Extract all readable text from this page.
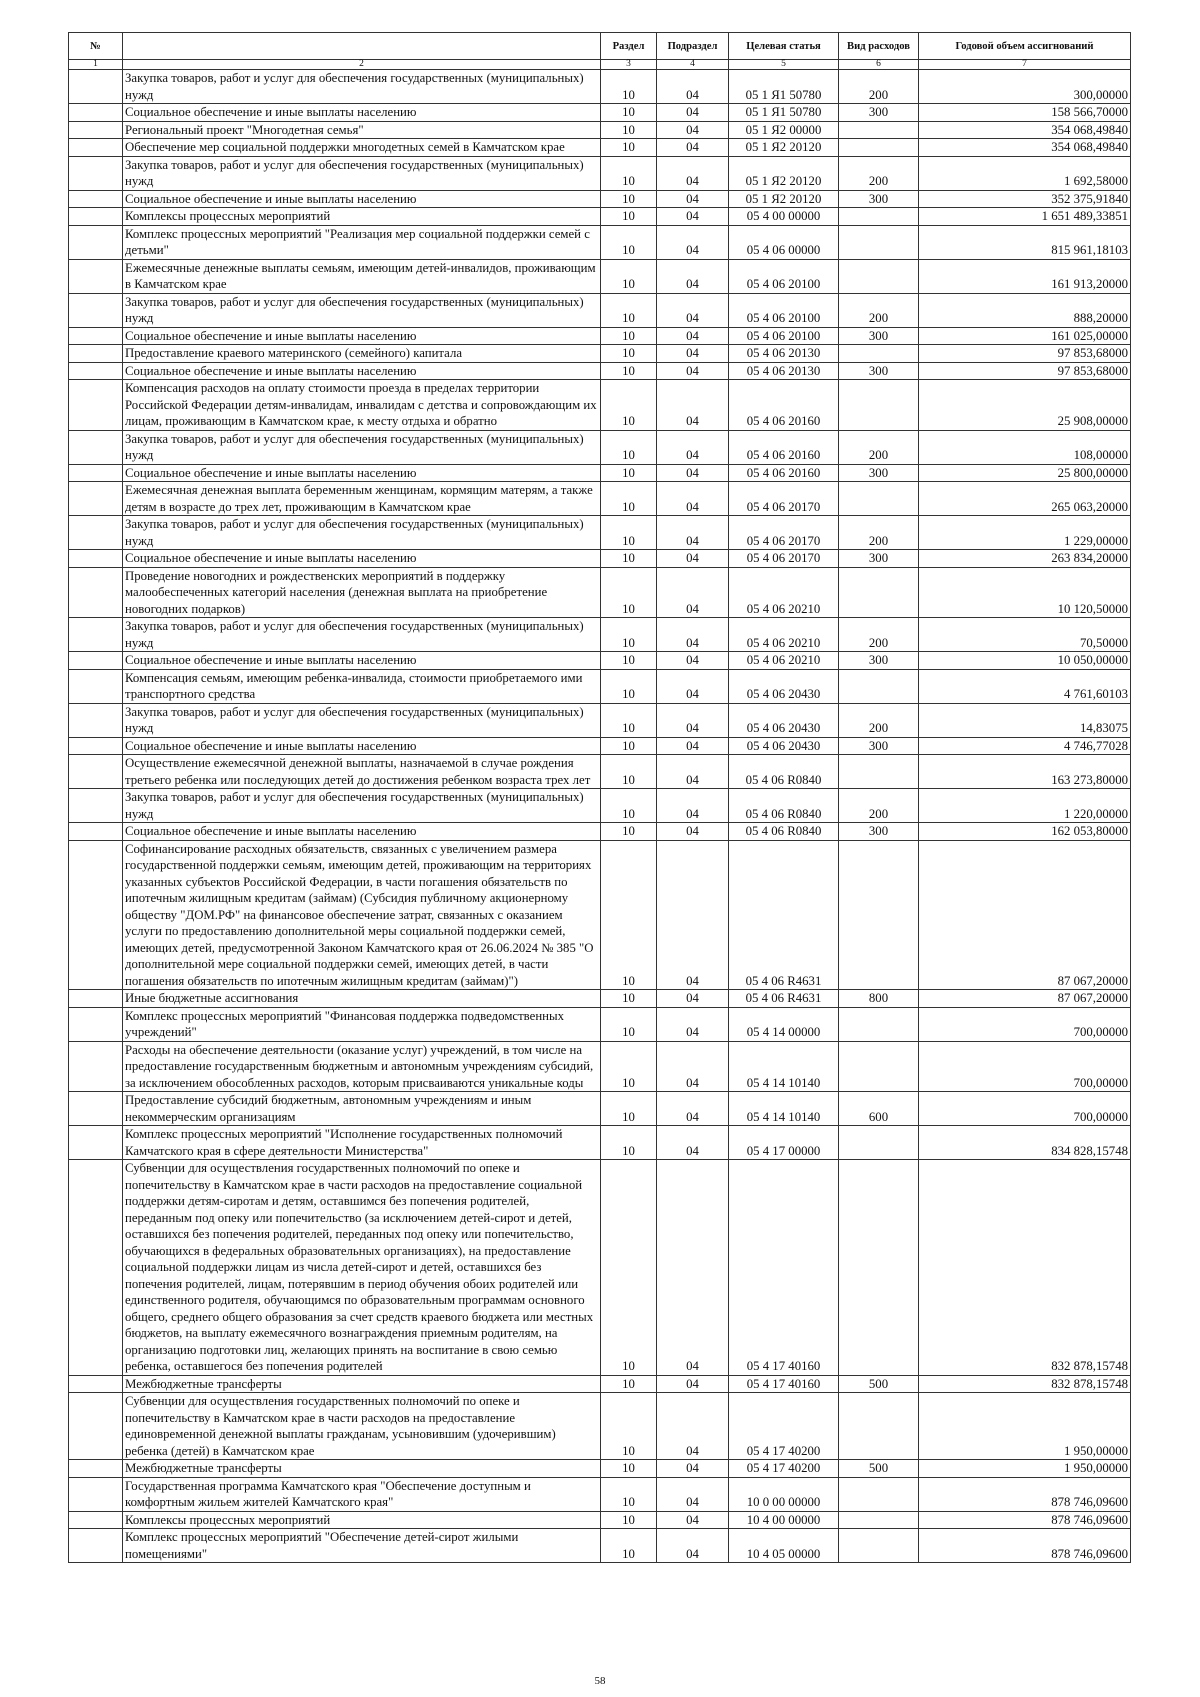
№		Раздел	Подраздел	Целевая статья	Вид расходов	Годовой объем ассигнований
1	2	3	4	5	6	7
	Закупка товаров, работ и услуг для обеспечения государственных (муниципальных) нужд	10	04	05 1 Я1 50780	200	300,00000
	Социальное обеспечение и иные выплаты населению	10	04	05 1 Я1 50780	300	158 566,70000
	Региональный проект "Многодетная семья"	10	04	05 1 Я2 00000		354 068,49840
	Обеспечение мер социальной поддержки многодетных семей в Камчатском крае	10	04	05 1 Я2 20120		354 068,49840
	Закупка товаров, работ и услуг для обеспечения государственных (муниципальных) нужд	10	04	05 1 Я2 20120	200	1 692,58000
	Социальное обеспечение и иные выплаты населению	10	04	05 1 Я2 20120	300	352 375,91840
	Комплексы процессных мероприятий	10	04	05 4 00 00000		1 651 489,33851
	Комплекс процессных мероприятий "Реализация мер социальной поддержки семей с детьми"	10	04	05 4 06 00000		815 961,18103
	Ежемесячные денежные выплаты семьям, имеющим детей-инвалидов, проживающим в Камчатском крае	10	04	05 4 06 20100		161 913,20000
	Закупка товаров, работ и услуг для обеспечения государственных (муниципальных) нужд	10	04	05 4 06 20100	200	888,20000
	Социальное обеспечение и иные выплаты населению	10	04	05 4 06 20100	300	161 025,00000
	Предоставление краевого материнского (семейного) капитала	10	04	05 4 06 20130		97 853,68000
	Социальное обеспечение и иные выплаты населению	10	04	05 4 06 20130	300	97 853,68000
	Компенсация расходов на оплату стоимости проезда в пределах территории Российской Федерации детям-инвалидам, инвалидам с детства и сопровождающим их лицам, проживающим в Камчатском крае, к месту отдыха и обратно	10	04	05 4 06 20160		25 908,00000
	Закупка товаров, работ и услуг для обеспечения государственных (муниципальных) нужд	10	04	05 4 06 20160	200	108,00000
	Социальное обеспечение и иные выплаты населению	10	04	05 4 06 20160	300	25 800,00000
	Ежемесячная денежная выплата беременным женщинам, кормящим матерям, а также детям в возрасте до трех лет, проживающим в Камчатском крае	10	04	05 4 06 20170		265 063,20000
	Закупка товаров, работ и услуг для обеспечения государственных (муниципальных) нужд	10	04	05 4 06 20170	200	1 229,00000
	Социальное обеспечение и иные выплаты населению	10	04	05 4 06 20170	300	263 834,20000
	Проведение новогодних и рождественских мероприятий в поддержку малообеспеченных категорий населения (денежная выплата на приобретение новогодних подарков)	10	04	05 4 06 20210		10 120,50000
	Закупка товаров, работ и услуг для обеспечения государственных (муниципальных) нужд	10	04	05 4 06 20210	200	70,50000
	Социальное обеспечение и иные выплаты населению	10	04	05 4 06 20210	300	10 050,00000
	Компенсация семьям, имеющим ребенка-инвалида, стоимости приобретаемого ими транспортного средства	10	04	05 4 06 20430		4 761,60103
	Закупка товаров, работ и услуг для обеспечения государственных (муниципальных) нужд	10	04	05 4 06 20430	200	14,83075
	Социальное обеспечение и иные выплаты населению	10	04	05 4 06 20430	300	4 746,77028
	Осуществление ежемесячной денежной выплаты, назначаемой в случае рождения третьего ребенка или последующих детей до достижения ребенком возраста трех лет	10	04	05 4 06 R0840		163 273,80000
	Закупка товаров, работ и услуг для обеспечения государственных (муниципальных) нужд	10	04	05 4 06 R0840	200	1 220,00000
	Социальное обеспечение и иные выплаты населению	10	04	05 4 06 R0840	300	162 053,80000
	Софинансирование расходных обязательств, связанных с увеличением размера государственной поддержки семьям, имеющим детей, проживающим на территориях указанных субъектов Российской Федерации, в части погашения обязательств по ипотечным жилищным кредитам (займам) (Субсидия публичному акционерному обществу "ДОМ.РФ" на финансовое обеспечение затрат, связанных с оказанием услуги по предоставлению дополнительной меры социальной поддержки семей, имеющих детей, предусмотренной Законом Камчатского края от 26.06.2024 № 385 "О дополнительной мере социальной поддержки семей, имеющих детей, в части погашения обязательств по ипотечным жилищным кредитам (займам)")	10	04	05 4 06 R4631		87 067,20000
	Иные бюджетные ассигнования	10	04	05 4 06 R4631	800	87 067,20000
	Комплекс процессных мероприятий "Финансовая поддержка подведомственных учреждений"	10	04	05 4 14 00000		700,00000
	Расходы на обеспечение деятельности (оказание услуг) учреждений, в том числе на предоставление государственным бюджетным и автономным учреждениям субсидий, за исключением обособленных расходов, которым присваиваются уникальные коды	10	04	05 4 14 10140		700,00000
	Предоставление субсидий бюджетным, автономным учреждениям и иным некоммерческим организациям	10	04	05 4 14 10140	600	700,00000
	Комплекс процессных мероприятий "Исполнение государственных полномочий Камчатского края в сфере деятельности Министерства"	10	04	05 4 17 00000		834 828,15748
	Субвенции для осуществления государственных полномочий по опеке и попечительству в Камчатском крае в части расходов на предоставление социальной поддержки детям-сиротам и детям, оставшимся без попечения родителей, переданным под опеку или попечительство (за исключением детей-сирот и детей, оставшихся без попечения родителей, переданных под опеку или попечительство, обучающихся в федеральных образовательных организациях), на предоставление социальной поддержки лицам из числа детей-сирот и детей, оставшихся без попечения родителей, лицам, потерявшим в период обучения обоих родителей или единственного родителя, обучающимся по образовательным программам основного общего, среднего общего образования за счет средств краевого бюджета или местных бюджетов, на выплату ежемесячного вознаграждения приемным родителям, на организацию подготовки лиц, желающих принять на воспитание в свою семью ребенка, оставшегося без попечения родителей	10	04	05 4 17 40160		832 878,15748
	Межбюджетные трансферты	10	04	05 4 17 40160	500	832 878,15748
	Субвенции для осуществления государственных полномочий по опеке и попечительству в Камчатском крае в части расходов на предоставление единовременной денежной выплаты гражданам, усыновившим (удочерившим) ребенка (детей) в Камчатском крае	10	04	05 4 17 40200		1 950,00000
	Межбюджетные трансферты	10	04	05 4 17 40200	500	1 950,00000
	Государственная программа Камчатского края "Обеспечение доступным и комфортным жильем жителей Камчатского края"	10	04	10 0 00 00000		878 746,09600
	Комплексы процессных мероприятий	10	04	10 4 00 00000		878 746,09600
	Комплекс процессных мероприятий "Обеспечение детей-сирот жилыми помещениями"	10	04	10 4 05 00000		878 746,09600
58
